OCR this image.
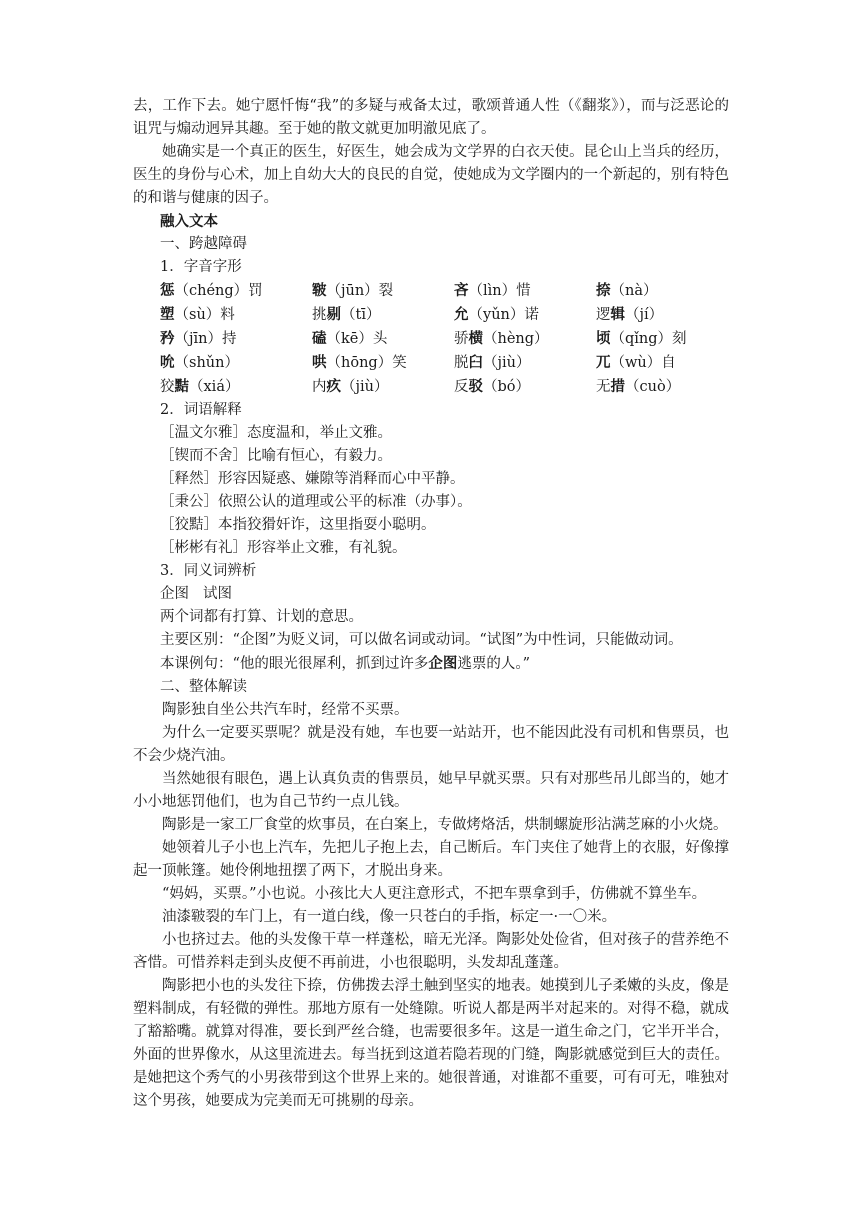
去，工作下去。她宁愿忏悔“我”的多疑与戒备太过，歌颂普通人性（《翻浆》），而与泛恶论的诅咒与煽动迥异其趣。至于她的散文就更加明澈见底了。

她确实是一个真正的医生，好医生，她会成为文学界的白衣天使。昆仑山上当兵的经历，医生的身份与心术，加上自幼大大的良民的自觉，使她成为文学圈内的一个新起的，别有特色的和谐与健康的因子。

融入文本

一、跨越障碍

1．字音字形

惩（chéng）罚	皲（jūn）裂	吝（lìn）惜	捺（nà）
塑（sù）料	挑剔（tī）	允（yǔn）诺	逻辑（jí）
矜（jīn）持	磕（kē）头	骄横（hèng）	顷（qǐng）刻
吮（shǔn）	哄（hōng）笑	脱臼（jiù）	兀（wù）自
狡黠（xiá）	内疚（jiù）	反驳（bó）	无措（cuò）

2．词语解释

［温文尔雅］态度温和，举止文雅。

［锲而不舍］比喻有恒心，有毅力。

［释然］形容因疑惑、嫌隙等消释而心中平静。

［秉公］依照公认的道理或公平的标准（办事）。

［狡黠］本指狡猾奸诈，这里指耍小聪明。

［彬彬有礼］形容举止文雅，有礼貌。

3．同义词辨析

企图 试图

两个词都有打算、计划的意思。

主要区别：“企图”为贬义词，可以做名词或动词。“试图”为中性词，只能做动词。

本课例句：“他的眼光很犀利，抓到过许多企图逃票的人。”

二、整体解读

陶影独自坐公共汽车时，经常不买票。

为什么一定要买票呢？就是没有她，车也要一站站开，也不能因此没有司机和售票员，也不会少烧汽油。

当然她很有眼色，遇上认真负责的售票员，她早早就买票。只有对那些吊儿郎当的，她才小小地惩罚他们，也为自己节约一点儿钱。

陶影是一家工厂食堂的炊事员，在白案上，专做烤烙活，烘制螺旋形沾满芝麻的小火烧。

她领着儿子小也上汽车，先把儿子抱上去，自己断后。车门夹住了她背上的衣服，好像撑起一顶帐篷。她伶俐地扭摆了两下，才脱出身来。

“妈妈，买票。”小也说。小孩比大人更注意形式，不把车票拿到手，仿佛就不算坐车。

油漆皲裂的车门上，有一道白线，像一只苍白的手指，标定一·一〇米。

小也挤过去。他的头发像干草一样蓬松，暗无光泽。陶影处处俭省，但对孩子的营养绝不吝惜。可惜养料走到头皮便不再前进，小也很聪明，头发却乱蓬蓬。

陶影把小也的头发往下捺，仿佛拨去浮土触到坚实的地表。她摸到儿子柔嫩的头皮，像是塑料制成，有轻微的弹性。那地方原有一处缝隙。听说人都是两半对起来的。对得不稳，就成了豁豁嘴。就算对得准，要长到严丝合缝，也需要很多年。这是一道生命之门，它半开半合，外面的世界像水，从这里流进去。每当抚到这道若隐若现的门缝，陶影就感觉到巨大的责任。是她把这个秀气的小男孩带到这个世界上来的。她很普通，对谁都不重要，可有可无，唯独对这个男孩，她要成为完美而无可挑剔的母亲。
